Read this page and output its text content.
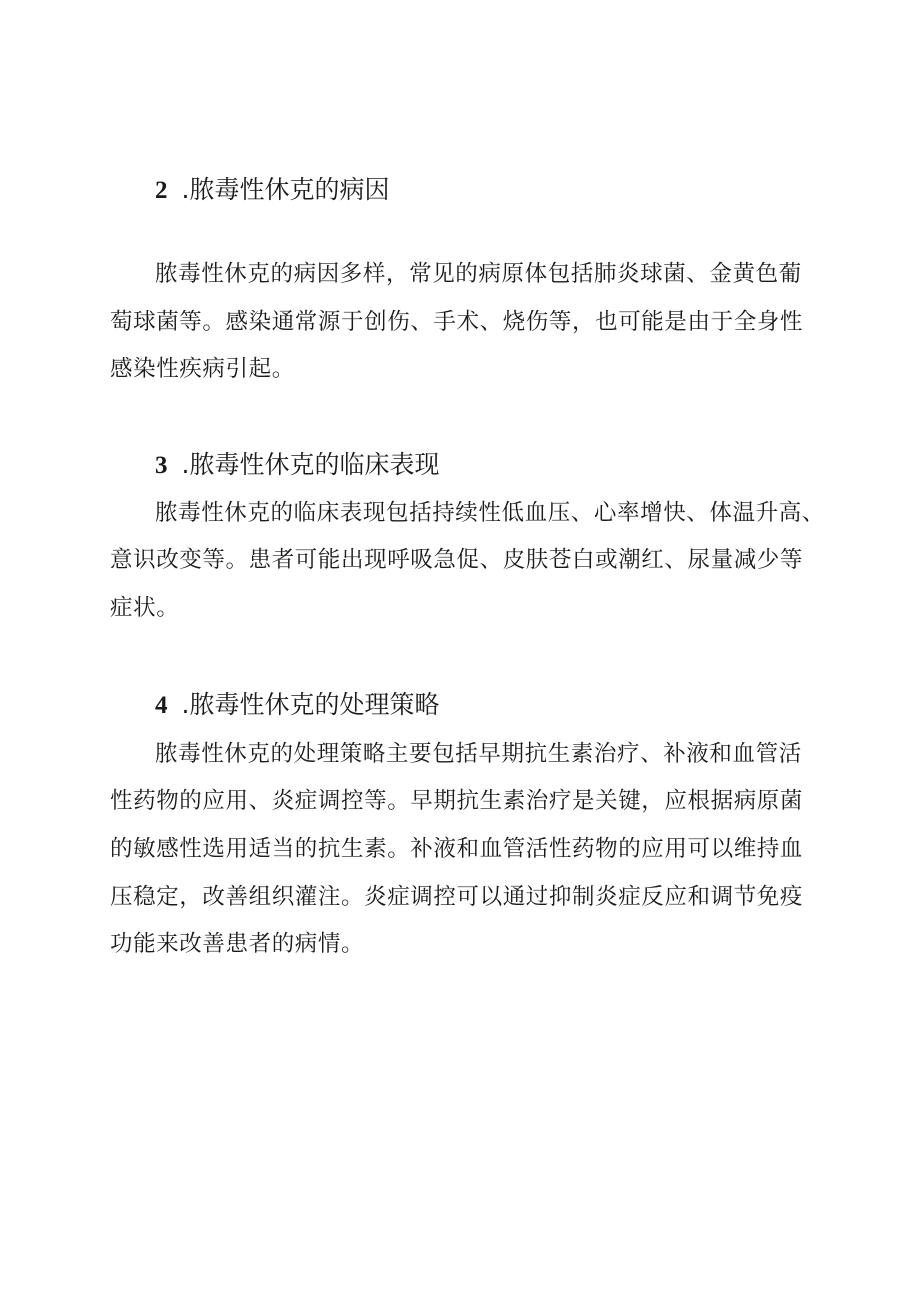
2 .脓毒性休克的病因

脓毒性休克的病因多样，常见的病原体包括肺炎球菌、金黄色葡

萄球菌等。感染通常源于创伤、手术、烧伤等，也可能是由于全身性

感染性疾病引起。

3 .脓毒性休克的临床表现

脓毒性休克的临床表现包括持续性低血压、心率增快、体温升高、

意识改变等。患者可能出现呼吸急促、皮肤苍白或潮红、尿量减少等

症状。

4 .脓毒性休克的处理策略

脓毒性休克的处理策略主要包括早期抗生素治疗、补液和血管活

性药物的应用、炎症调控等。早期抗生素治疗是关键，应根据病原菌

的敏感性选用适当的抗生素。补液和血管活性药物的应用可以维持血

压稳定，改善组织灌注。炎症调控可以通过抑制炎症反应和调节免疫

功能来改善患者的病情。
